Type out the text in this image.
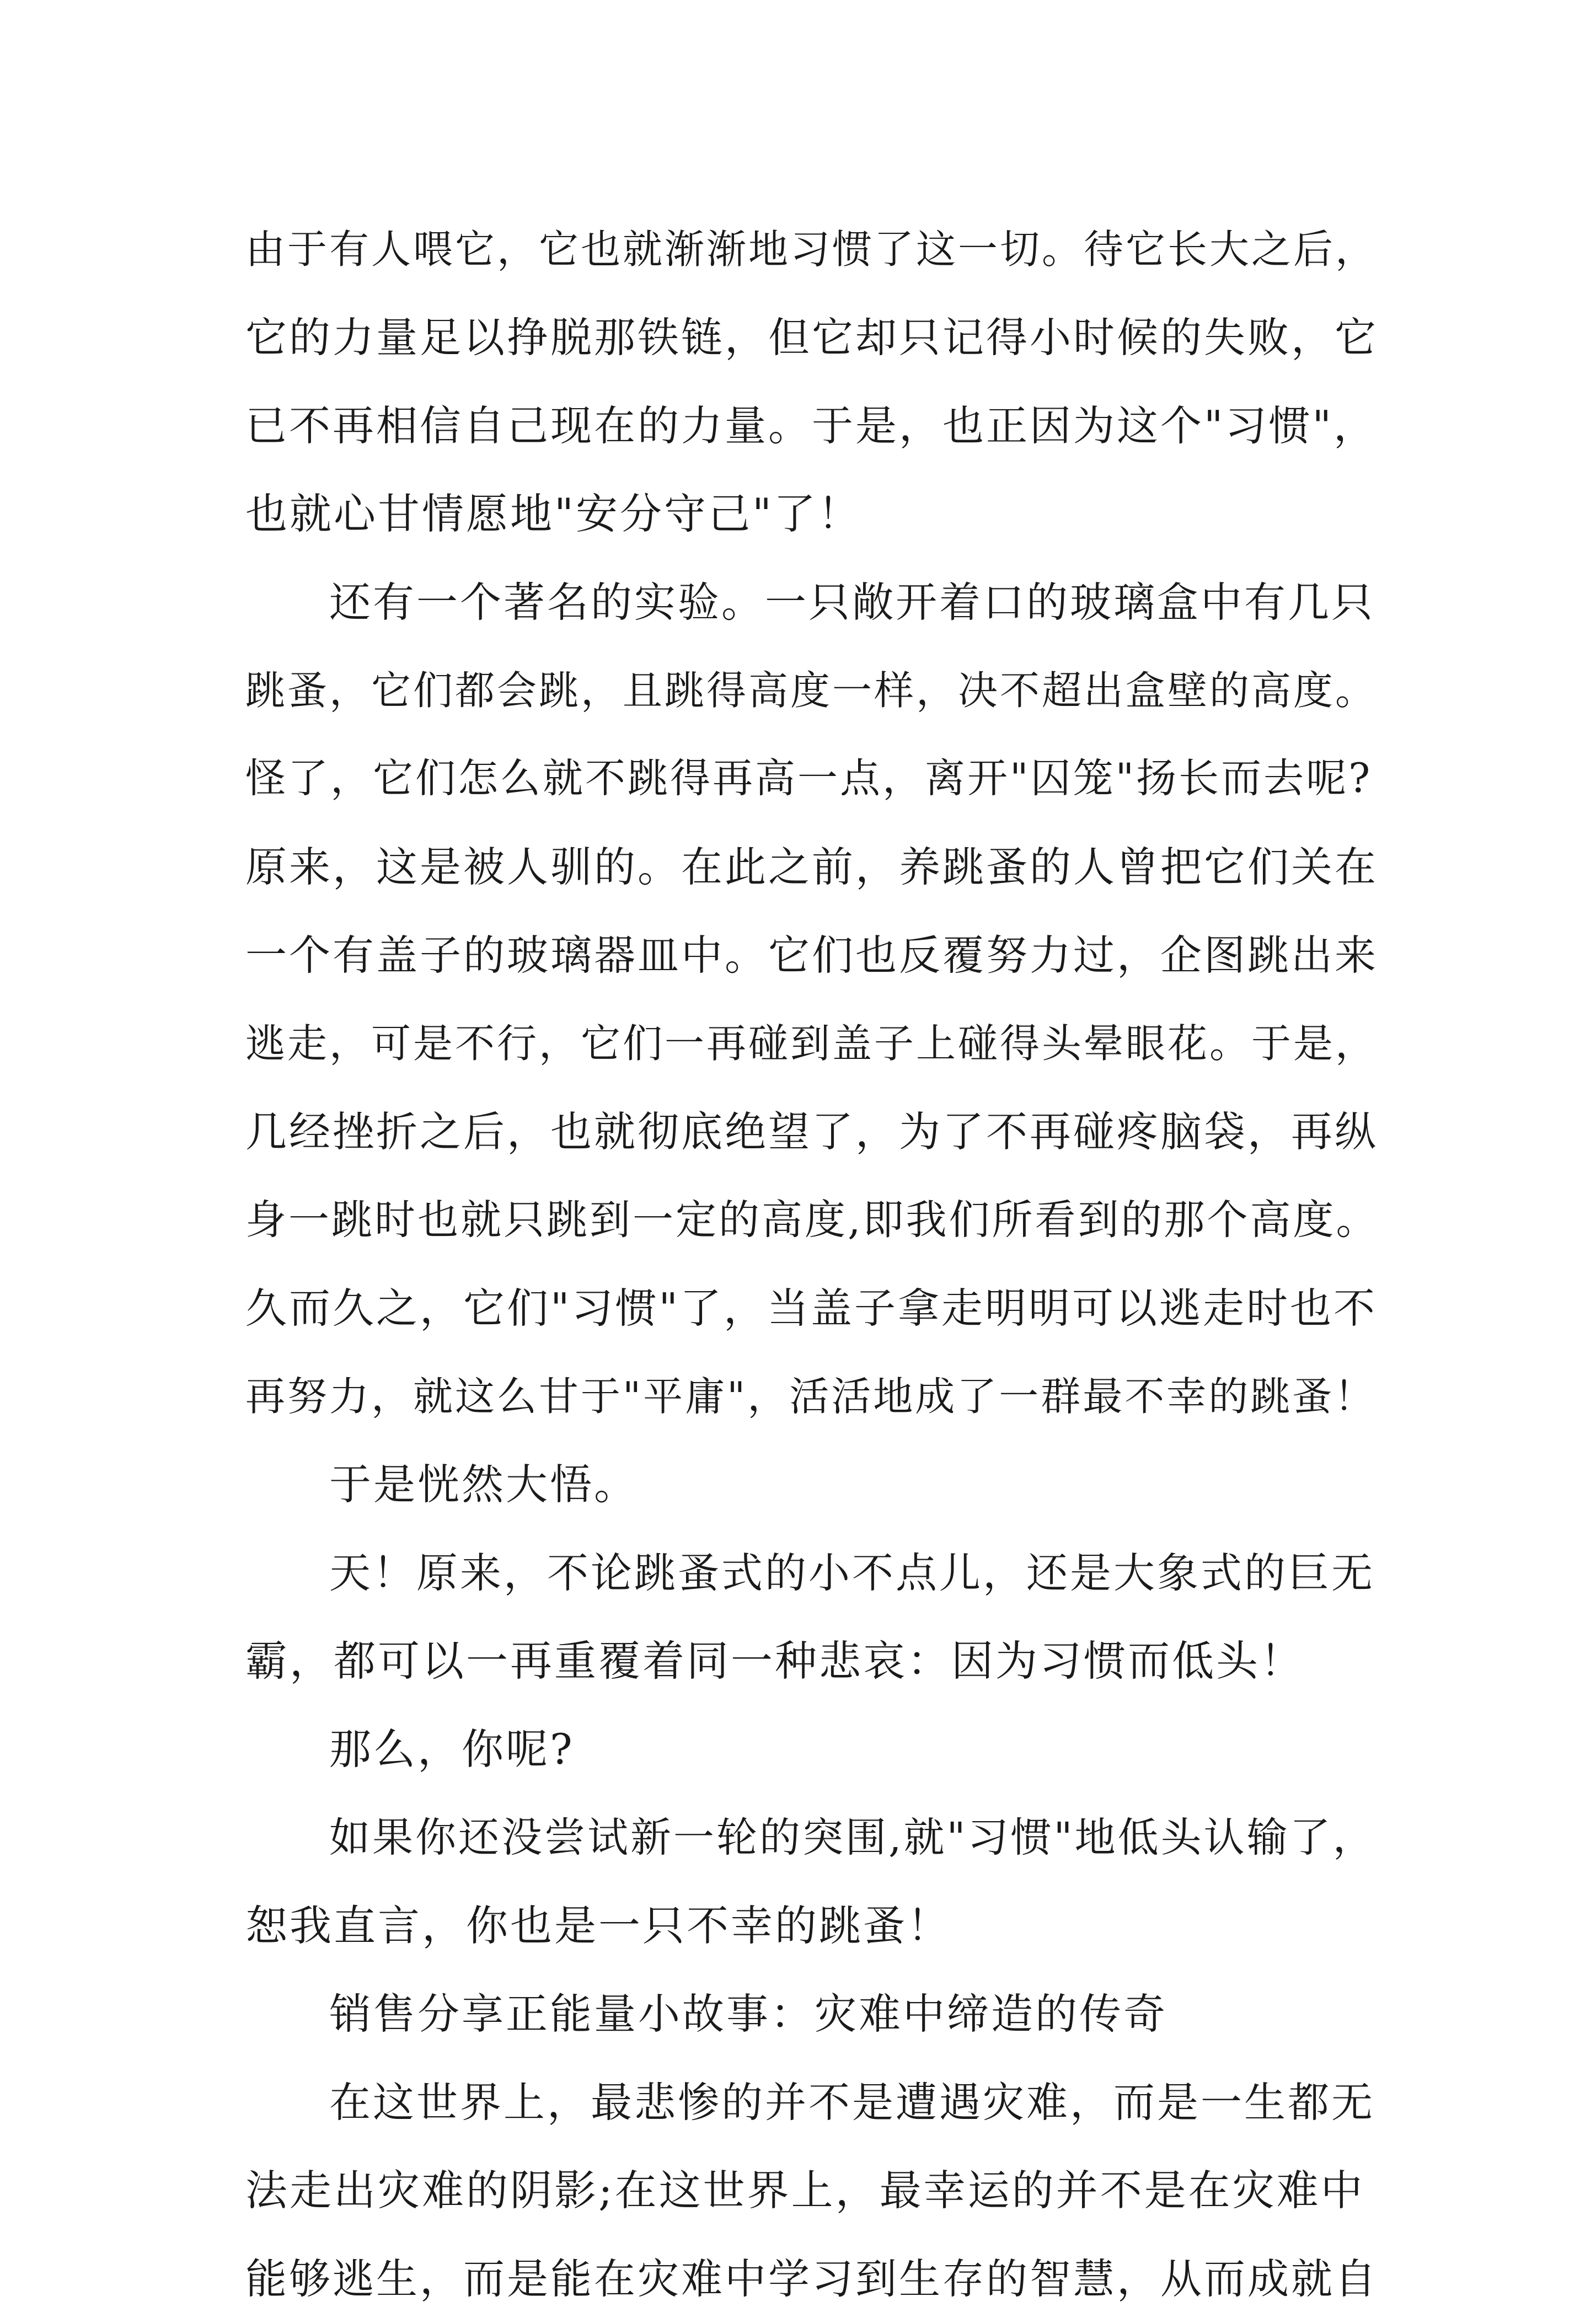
由于有人喂它，它也就渐渐地习惯了这一切。待它长大之后，
它的力量足以挣脱那铁链，但它却只记得小时候的失败，它
已不再相信自己现在的力量。于是，也正因为这个"习惯"，
也就心甘情愿地"安分守己"了！
还有一个著名的实验。一只敞开着口的玻璃盒中有几只
跳蚤，它们都会跳，且跳得高度一样，决不超出盒壁的高度。
怪了，它们怎么就不跳得再高一点，离开"囚笼"扬长而去呢?
原来，这是被人驯的。在此之前，养跳蚤的人曾把它们关在
一个有盖子的玻璃器皿中。它们也反覆努力过，企图跳出来
逃走，可是不行，它们一再碰到盖子上碰得头晕眼花。于是，
几经挫折之后，也就彻底绝望了，为了不再碰疼脑袋，再纵
身一跳时也就只跳到一定的高度,即我们所看到的那个高度。
久而久之，它们"习惯"了，当盖子拿走明明可以逃走时也不
再努力，就这么甘于"平庸"，活活地成了一群最不幸的跳蚤！
于是恍然大悟。
天！原来，不论跳蚤式的小不点儿，还是大象式的巨无
霸，都可以一再重覆着同一种悲哀：因为习惯而低头！
那么，你呢?
如果你还没尝试新一轮的突围,就"习惯"地低头认输了，
恕我直言，你也是一只不幸的跳蚤！
销售分享正能量小故事：灾难中缔造的传奇
在这世界上，最悲惨的并不是遭遇灾难，而是一生都无
法走出灾难的阴影;在这世界上，最幸运的并不是在灾难中
能够逃生，而是能在灾难中学习到生存的智慧，从而成就自
